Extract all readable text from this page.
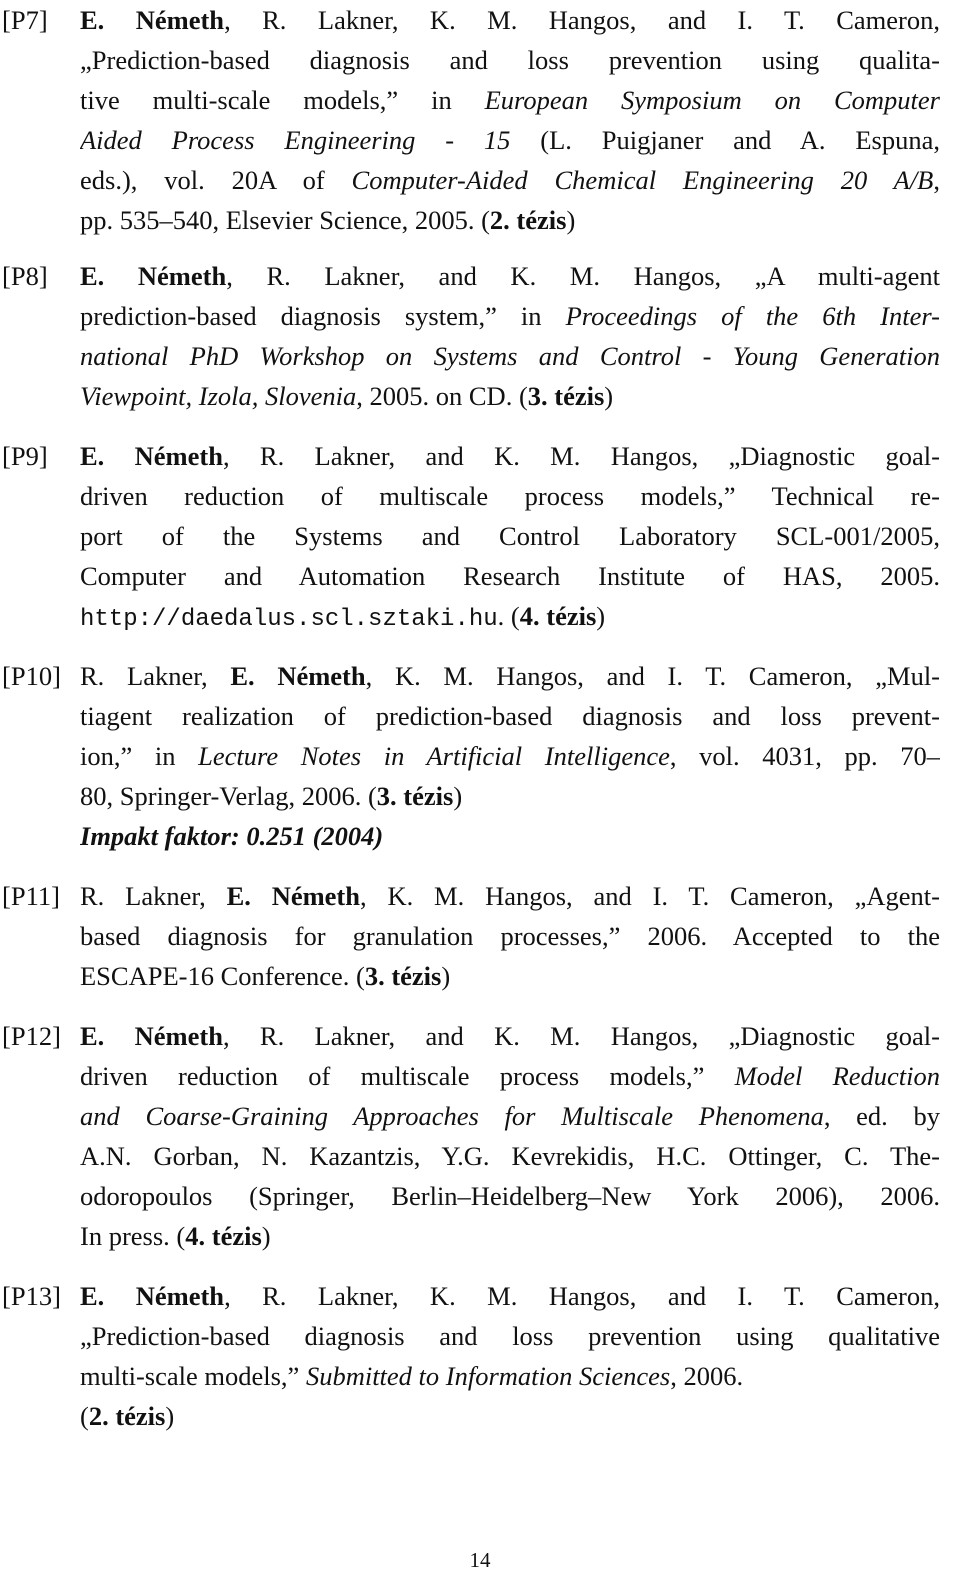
[P7] E. Németh, R. Lakner, K. M. Hangos, and I. T. Cameron,
„Prediction-based diagnosis and loss prevention using qualita-
tive multi-scale models,” in European Symposium on Computer
Aided Process Engineering - 15 (L. Puigjaner and A. Espuna,
eds.), vol. 20A of Computer-Aided Chemical Engineering 20 A/B,
pp. 535–540, Elsevier Science, 2005. (2. tézis)
[P8] E. Németh, R. Lakner, and K. M. Hangos, „A multi-agent
prediction-based diagnosis system,” in Proceedings of the 6th Inter-
national PhD Workshop on Systems and Control - Young Generation
Viewpoint, Izola, Slovenia, 2005. on CD. (3. tézis)
[P9] E. Németh, R. Lakner, and K. M. Hangos, „Diagnostic goal-
driven reduction of multiscale process models,” Technical re-
port of the Systems and Control Laboratory SCL-001/2005,
Computer and Automation Research Institute of HAS, 2005.
http://daedalus.scl.sztaki.hu. (4. tézis)
[P10] R. Lakner, E. Németh, K. M. Hangos, and I. T. Cameron, „Mul-
tiagent realization of prediction-based diagnosis and loss prevent-
ion,” in Lecture Notes in Artificial Intelligence, vol. 4031, pp. 70–
80, Springer-Verlag, 2006. (3. tézis)
Impakt faktor: 0.251 (2004)
[P11] R. Lakner, E. Németh, K. M. Hangos, and I. T. Cameron, „Agent-
based diagnosis for granulation processes,” 2006. Accepted to the
ESCAPE-16 Conference. (3. tézis)
[P12] E. Németh, R. Lakner, and K. M. Hangos, „Diagnostic goal-
driven reduction of multiscale process models,” Model Reduction
and Coarse-Graining Approaches for Multiscale Phenomena, ed. by
A.N. Gorban, N. Kazantzis, Y.G. Kevrekidis, H.C. Ottinger, C. The-
odoropoulos (Springer, Berlin–Heidelberg–New York 2006), 2006.
In press. (4. tézis)
[P13] E. Németh, R. Lakner, K. M. Hangos, and I. T. Cameron,
„Prediction-based diagnosis and loss prevention using qualitative
multi-scale models,” Submitted to Information Sciences, 2006.
(2. tézis)
14
